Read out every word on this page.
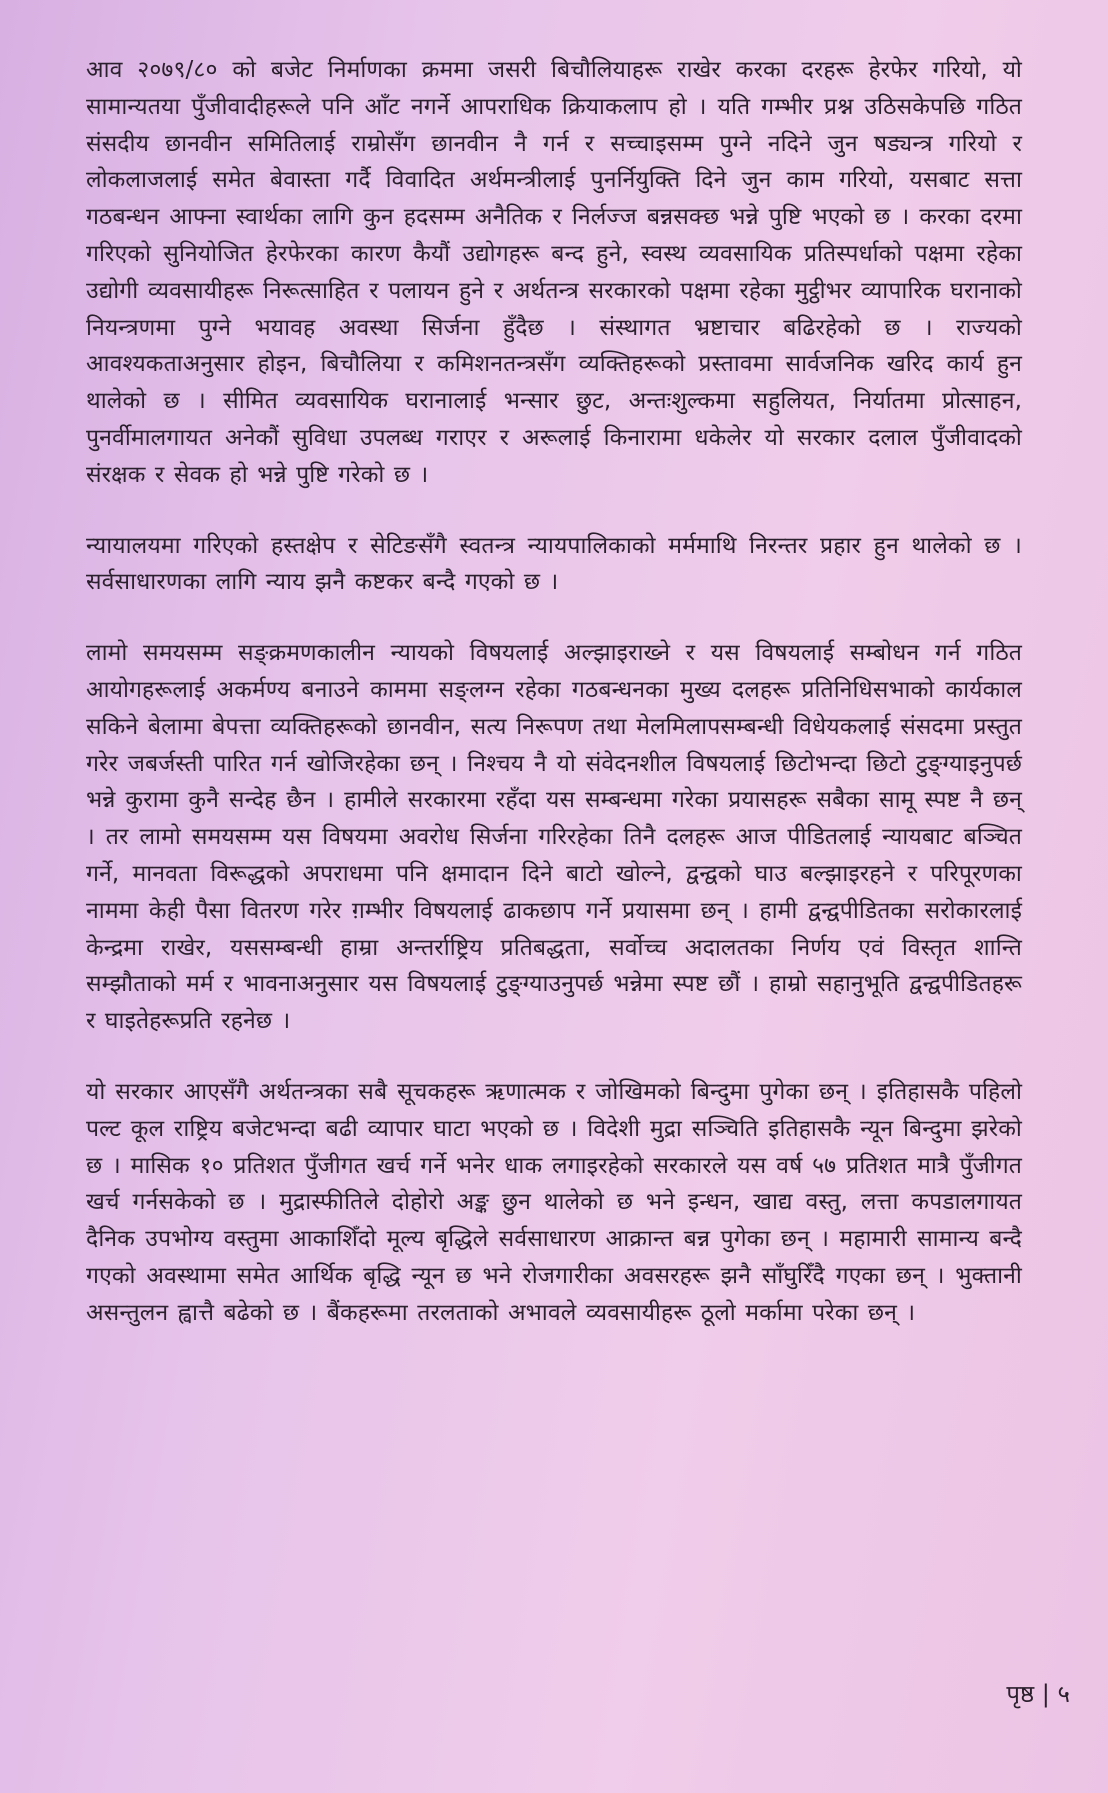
आव २०७९/८० को बजेट निर्माणका क्रममा जसरी बिचौलियाहरू राखेर करका दरहरू हेरफेर गरियो, यो सामान्यतया पुँजीवादीहरूले पनि आँट नगर्ने आपराधिक क्रियाकलाप हो । यति गम्भीर प्रश्न उठिसकेपछि गठित संसदीय छानवीन समितिलाई राम्रोसँग छानवीन नै गर्न र सच्चाइसम्म पुग्ने नदिने जुन षड्यन्त्र गरियो र लोकलाजलाई समेत बेवास्ता गर्दै विवादित अर्थमन्त्रीलाई पुनर्नियुक्ति दिने जुन काम गरियो, यसबाट सत्ता गठबन्धन आफ्ना स्वार्थका लागि कुन हदसम्म अनैतिक र निर्लज्ज बन्नसक्छ भन्ने पुष्टि भएको छ । करका दरमा गरिएको सुनियोजित हेरफेरका कारण कैयौं उद्योगहरू बन्द हुने, स्वस्थ व्यवसायिक प्रतिस्पर्धाको पक्षमा रहेका उद्योगी व्यवसायीहरू निरूत्साहित र पलायन हुने र अर्थतन्त्र सरकारको पक्षमा रहेका मुट्ठीभर व्यापारिक घरानाको नियन्त्रणमा पुग्ने भयावह अवस्था सिर्जना हुँदैछ । संस्थागत भ्रष्टाचार बढिरहेको छ । राज्यको आवश्यकताअनुसार होइन, बिचौलिया र कमिशनतन्त्रसँग व्यक्तिहरूको प्रस्तावमा सार्वजनिक खरिद कार्य हुन थालेको छ । सीमित व्यवसायिक घरानालाई भन्सार छुट, अन्तःशुल्कमा सहुलियत, निर्यातमा प्रोत्साहन, पुनर्वीमालगायत अनेकौं सुविधा उपलब्ध गराएर र अरूलाई किनारामा धकेलेर यो सरकार दलाल पुँजीवादको संरक्षक र सेवक हो भन्ने पुष्टि गरेको छ ।

न्यायालयमा गरिएको हस्तक्षेप र सेटिङसँगै स्वतन्त्र न्यायपालिकाको मर्ममाथि निरन्तर प्रहार हुन थालेको छ । सर्वसाधारणका लागि न्याय झनै कष्टकर बन्दै गएको छ ।

लामो समयसम्म सङ्क्रमणकालीन न्यायको विषयलाई अल्झाइराख्ने र यस विषयलाई सम्बोधन गर्न गठित आयोगहरूलाई अकर्मण्य बनाउने काममा सङ्लग्न रहेका गठबन्धनका मुख्य दलहरू प्रतिनिधिसभाको कार्यकाल सकिने बेलामा बेपत्ता व्यक्तिहरूको छानवीन, सत्य निरूपण तथा मेलमिलापसम्बन्धी विधेयकलाई संसदमा प्रस्तुत गरेर जबर्जस्ती पारित गर्न खोजिरहेका छन् । निश्चय नै यो संवेदनशील विषयलाई छिटोभन्दा छिटो टुङ्ग्याइनुपर्छ भन्ने कुरामा कुनै सन्देह छैन । हामीले सरकारमा रहँदा यस सम्बन्धमा गरेका प्रयासहरू सबैका सामू स्पष्ट नै छन् । तर लामो समयसम्म यस विषयमा अवरोध सिर्जना गरिरहेका तिनै दलहरू आज पीडितलाई न्यायबाट बञ्चित गर्ने, मानवता विरूद्धको अपराधमा पनि क्षमादान दिने बाटो खोल्ने, द्वन्द्वको घाउ बल्झाइरहने र परिपूरणका नाममा केही पैसा वितरण गरेर ग़म्भीर विषयलाई ढाकछाप गर्ने प्रयासमा छन् । हामी द्वन्द्वपीडितका सरोकारलाई केन्द्रमा राखेर, यससम्बन्धी हाम्रा अन्तर्राष्ट्रिय प्रतिबद्धता, सर्वोच्च अदालतका निर्णय एवं विस्तृत शान्ति सम्झौताको मर्म र भावनाअनुसार यस विषयलाई टुङ्ग्याउनुपर्छ भन्नेमा स्पष्ट छौं । हाम्रो सहानुभूति द्वन्द्वपीडितहरू र घाइतेहरूप्रति रहनेछ ।

यो सरकार आएसँगै अर्थतन्त्रका सबै सूचकहरू ऋणात्मक र जोखिमको बिन्दुमा पुगेका छन् । इतिहासकै पहिलो पल्ट कूल राष्ट्रिय बजेटभन्दा बढी व्यापार घाटा भएको छ । विदेशी मुद्रा सञ्चिति इतिहासकै न्यून बिन्दुमा झरेको छ । मासिक १० प्रतिशत पुँजीगत खर्च गर्ने भनेर धाक लगाइरहेको सरकारले यस वर्ष ५७ प्रतिशत मात्रै पुँजीगत खर्च गर्नसकेको छ । मुद्रास्फीतिले दोहोरो अङ्क छुन थालेको छ भने इन्धन, खाद्य वस्तु, लत्ता कपडालगायत दैनिक उपभोग्य वस्तुमा आकाशिँदो मूल्य बृद्धिले सर्वसाधारण आक्रान्त बन्न पुगेका छन् । महामारी सामान्य बन्दै गएको अवस्थामा समेत आर्थिक बृद्धि न्यून छ भने रोजगारीका अवसरहरू झनै साँघुरिँदै गएका छन् । भुक्तानी असन्तुलन ह्वात्तै बढेको छ । बैंकहरूमा तरलताको अभावले व्यवसायीहरू ठूलो मर्कामा परेका छन् ।

पृष्ठ | ५
